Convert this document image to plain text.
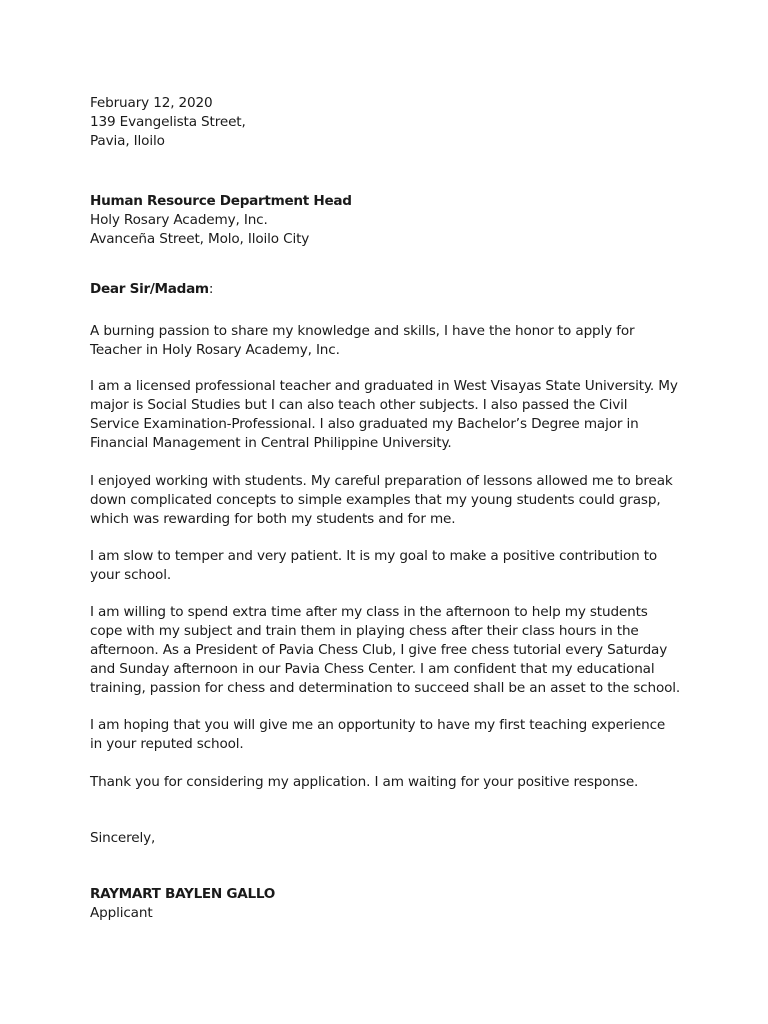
February 12, 2020
139 Evangelista Street,
Pavia, Iloilo
Human Resource Department Head
Holy Rosary Academy, Inc.
Avanceña Street, Molo, Iloilo City
Dear Sir/Madam:
A burning passion to share my knowledge and skills, I have the honor to apply for
Teacher in Holy Rosary Academy, Inc.
I am a licensed professional teacher and graduated in West Visayas State University. My
major is Social Studies but I can also teach other subjects. I also passed the Civil
Service Examination-Professional. I also graduated my Bachelor’s Degree major in
Financial Management in Central Philippine University.
I enjoyed working with students. My careful preparation of lessons allowed me to break
down complicated concepts to simple examples that my young students could grasp,
which was rewarding for both my students and for me.
I am slow to temper and very patient. It is my goal to make a positive contribution to
your school.
I am willing to spend extra time after my class in the afternoon to help my students
cope with my subject and train them in playing chess after their class hours in the
afternoon. As a President of Pavia Chess Club, I give free chess tutorial every Saturday
and Sunday afternoon in our Pavia Chess Center. I am confident that my educational
training, passion for chess and determination to succeed shall be an asset to the school.
I am hoping that you will give me an opportunity to have my first teaching experience
in your reputed school.
Thank you for considering my application. I am waiting for your positive response.
Sincerely,
RAYMART BAYLEN GALLO
Applicant
